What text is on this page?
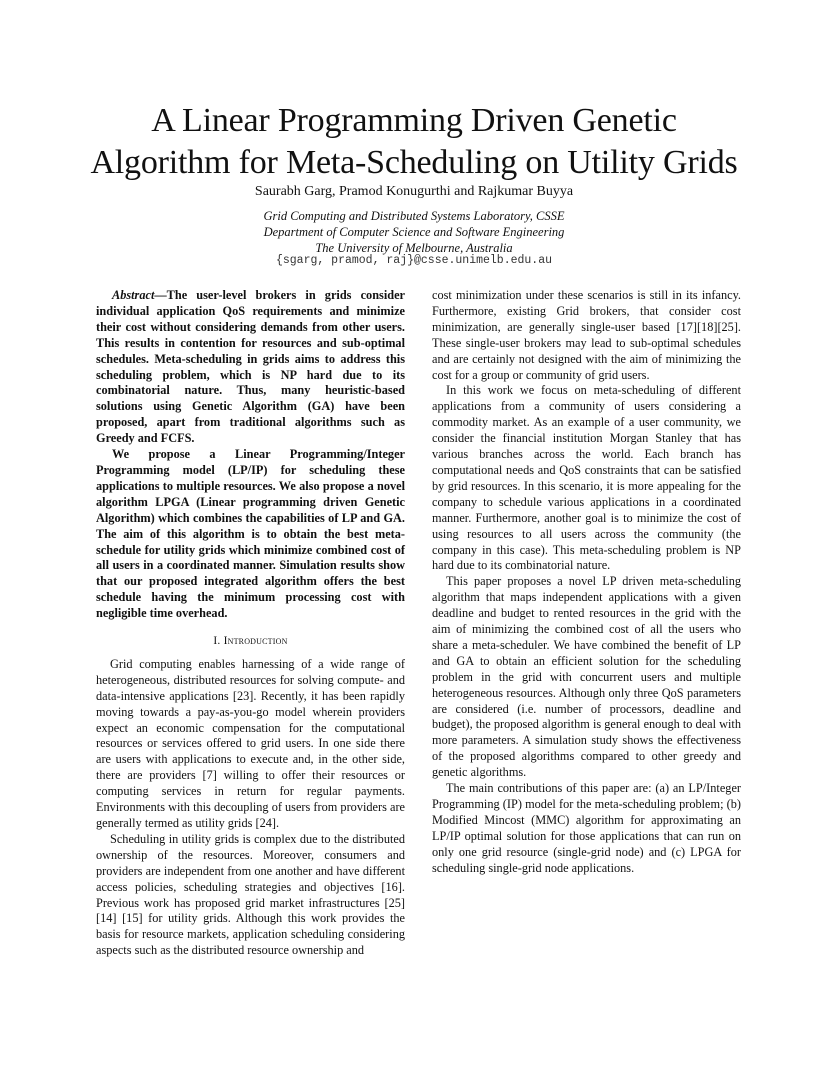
A Linear Programming Driven Genetic
Algorithm for Meta-Scheduling on Utility Grids
Saurabh Garg, Pramod Konugurthi and Rajkumar Buyya
Grid Computing and Distributed Systems Laboratory, CSSE
Department of Computer Science and Software Engineering
The University of Melbourne, Australia
{sgarg, pramod, raj}@csse.unimelb.edu.au

Abstract—The user-level brokers in grids consider individual application QoS requirements and minimize their cost without considering demands from other users. This results in contention for resources and sub-optimal schedules. Meta-scheduling in grids aims to address this scheduling problem, which is NP hard due to its combinatorial nature. Thus, many heuristic-based solutions using Genetic Algorithm (GA) have been proposed, apart from traditional algorithms such as Greedy and FCFS.

We propose a Linear Programming/Integer Programming model (LP/IP) for scheduling these applications to multiple resources. We also propose a novel algorithm LPGA (Linear programming driven Genetic Algorithm) which combines the capabilities of LP and GA. The aim of this algorithm is to obtain the best meta-schedule for utility grids which minimize combined cost of all users in a coordinated manner. Simulation results show that our proposed integrated algorithm offers the best schedule having the minimum processing cost with negligible time overhead.

I. Introduction

Grid computing enables harnessing of a wide range of heterogeneous, distributed resources for solving compute- and data-intensive applications [23]. Recently, it has been rapidly moving towards a pay-as-you-go model wherein providers expect an economic compensation for the computational resources or services offered to grid users. In one side there are users with applications to execute and, in the other side, there are providers [7] willing to offer their resources or computing services in return for regular payments. Environments with this decoupling of users from providers are generally termed as utility grids [24].

Scheduling in utility grids is complex due to the distributed ownership of the resources. Moreover, consumers and providers are independent from one another and have different access policies, scheduling strategies and objectives [16]. Previous work has proposed grid market infrastructures [25][14] [15] for utility grids. Although this work provides the basis for resource markets, application scheduling considering aspects such as the distributed resource ownership and

cost minimization under these scenarios is still in its infancy. Furthermore, existing Grid brokers, that consider cost minimization, are generally single-user based [17][18][25]. These single-user brokers may lead to sub-optimal schedules and are certainly not designed with the aim of minimizing the cost for a group or community of grid users.

In this work we focus on meta-scheduling of different applications from a community of users considering a commodity market. As an example of a user community, we consider the financial institution Morgan Stanley that has various branches across the world. Each branch has computational needs and QoS constraints that can be satisfied by grid resources. In this scenario, it is more appealing for the company to schedule various applications in a coordinated manner. Furthermore, another goal is to minimize the cost of using resources to all users across the community (the company in this case). This meta-scheduling problem is NP hard due to its combinatorial nature.

This paper proposes a novel LP driven meta-scheduling algorithm that maps independent applications with a given deadline and budget to rented resources in the grid with the aim of minimizing the combined cost of all the users who share a meta-scheduler. We have combined the benefit of LP and GA to obtain an efficient solution for the scheduling problem in the grid with concurrent users and multiple heterogeneous resources. Although only three QoS parameters are considered (i.e. number of processors, deadline and budget), the proposed algorithm is general enough to deal with more parameters. A simulation study shows the effectiveness of the proposed algorithms compared to other greedy and genetic algorithms.

The main contributions of this paper are: (a) an LP/Integer Programming (IP) model for the meta-scheduling problem; (b) Modified Mincost (MMC) algorithm for approximating an LP/IP optimal solution for those applications that can run on only one grid resource (single-grid node) and (c) LPGA for scheduling single-grid node applications.
